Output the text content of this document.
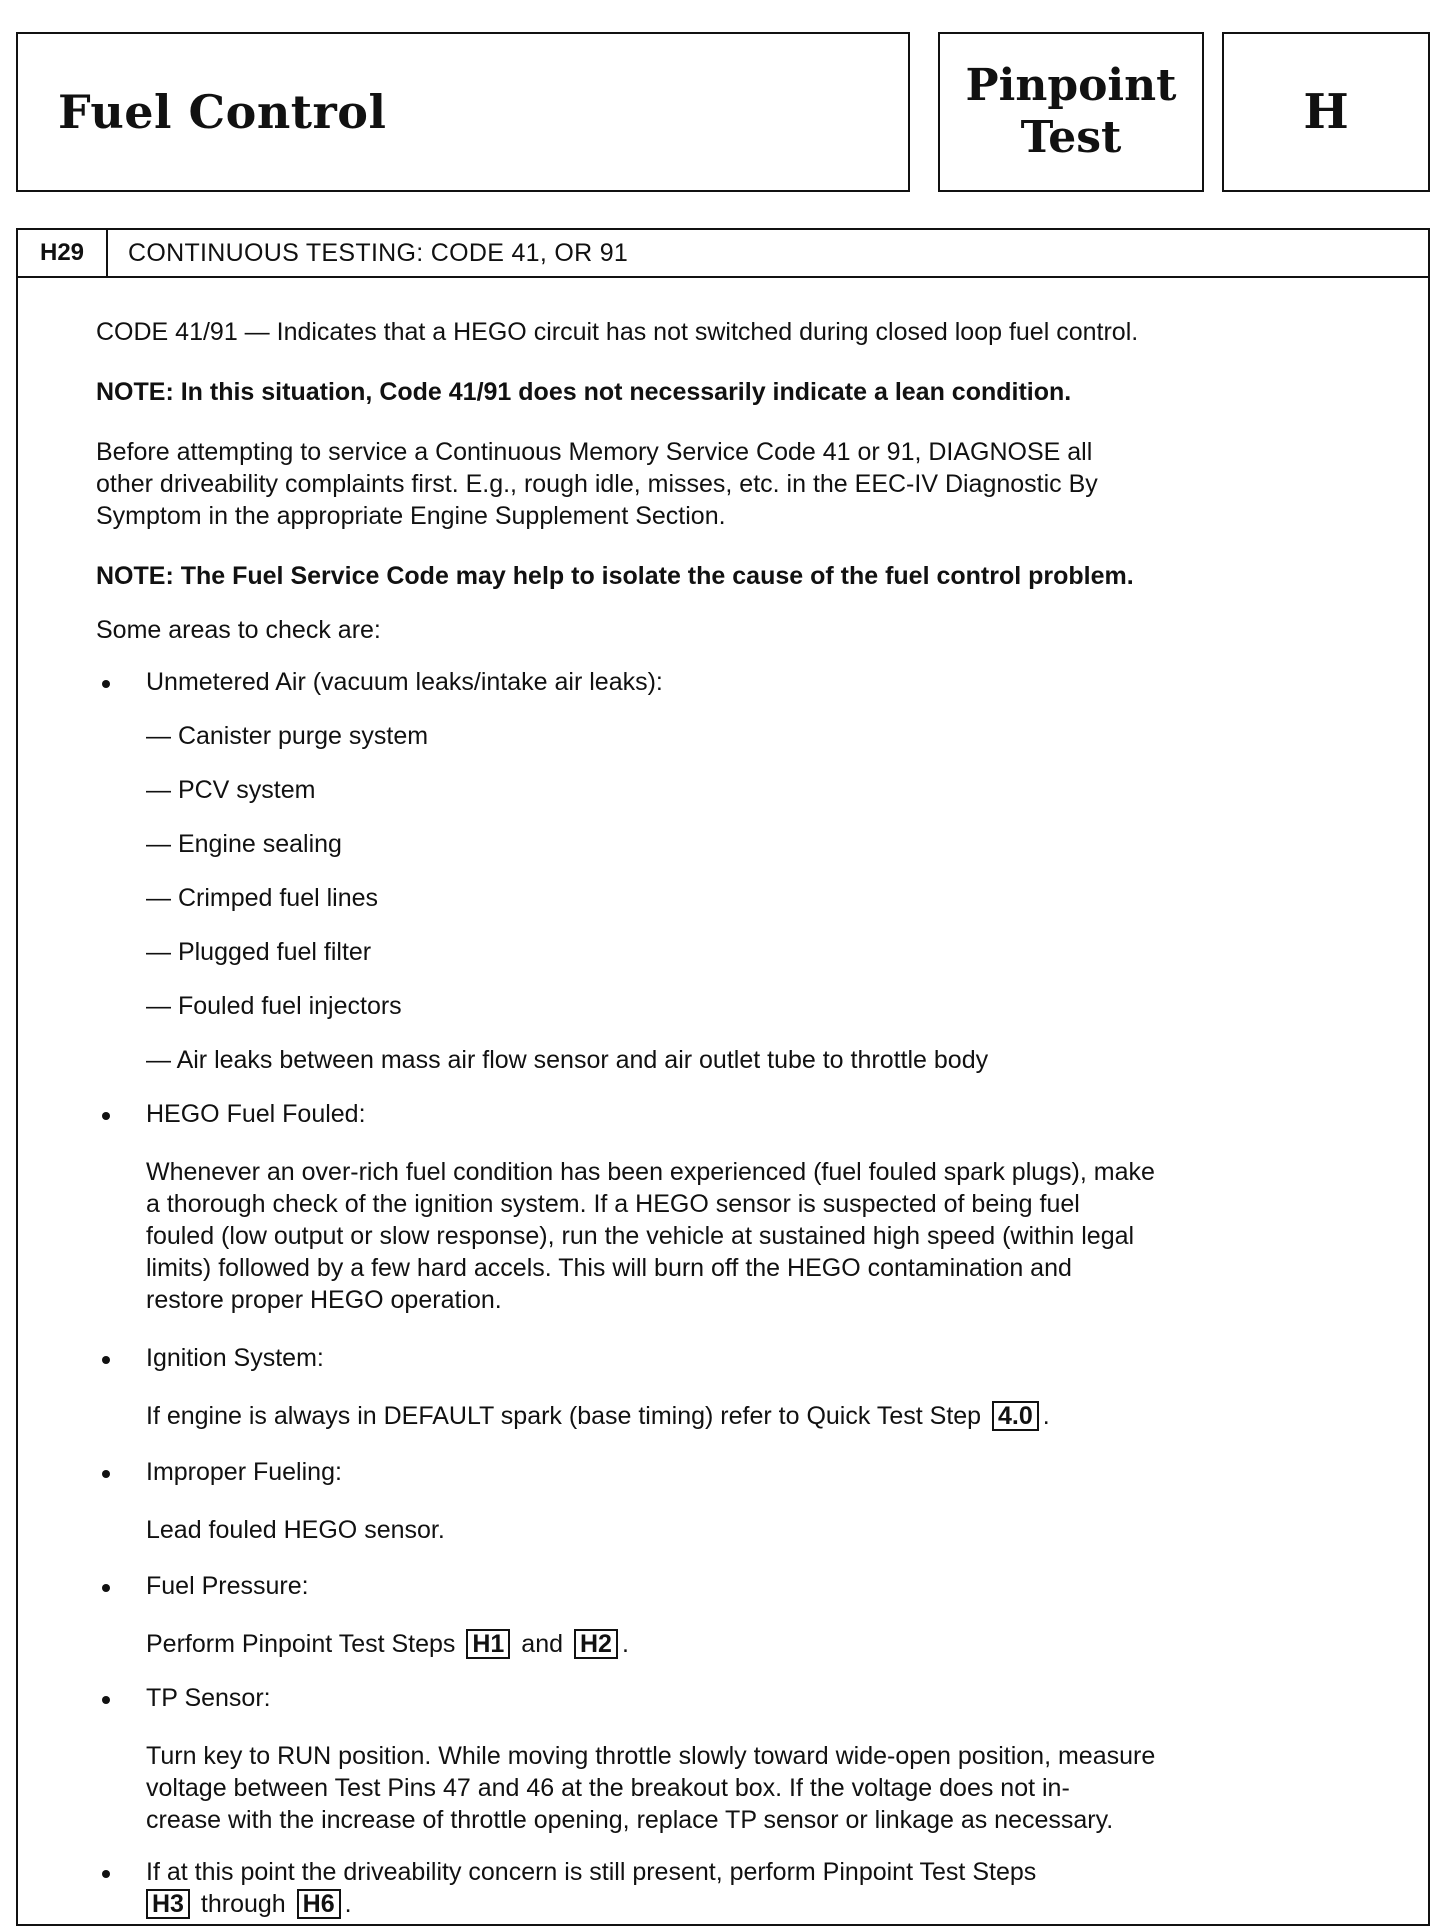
Fuel Control	Pinpoint
Test	H
H29	CONTINUOUS TESTING: CODE 41, OR 91

CODE 41/91 — Indicates that a HEGO circuit has not switched during closed loop fuel control.

NOTE: In this situation, Code 41/91 does not necessarily indicate a lean condition.

Before attempting to service a Continuous Memory Service Code 41 or 91, DIAGNOSE all

other driveability complaints first. E.g., rough idle, misses, etc. in the EEC-IV Diagnostic By

Symptom in the appropriate Engine Supplement Section.

NOTE: The Fuel Service Code may help to isolate the cause of the fuel control problem.

Some areas to check are:

Unmetered Air (vacuum leaks/intake air leaks):

— Canister purge system

— PCV system

— Engine sealing

— Crimped fuel lines

— Plugged fuel filter

— Fouled fuel injectors

— Air leaks between mass air flow sensor and air outlet tube to throttle body

HEGO Fuel Fouled:

Whenever an over-rich fuel condition has been experienced (fuel fouled spark plugs), make

a thorough check of the ignition system. If a HEGO sensor is suspected of being fuel

fouled (low output or slow response), run the vehicle at sustained high speed (within legal

limits) followed by a few hard accels. This will burn off the HEGO contamination and

restore proper HEGO operation.

Ignition System:

If engine is always in DEFAULT spark (base timing) refer to Quick Test Step 4.0 .

Improper Fueling:

Lead fouled HEGO sensor.

Fuel Pressure:

Perform Pinpoint Test Steps H1 and H2 .

TP Sensor:

Turn key to RUN position. While moving throttle slowly toward wide-open position, measure

voltage between Test Pins 47 and 46 at the breakout box. If the voltage does not in-

crease with the increase of throttle opening, replace TP sensor or linkage as necessary.

If at this point the driveability concern is still present, perform Pinpoint Test Steps

H3 through H6 .
